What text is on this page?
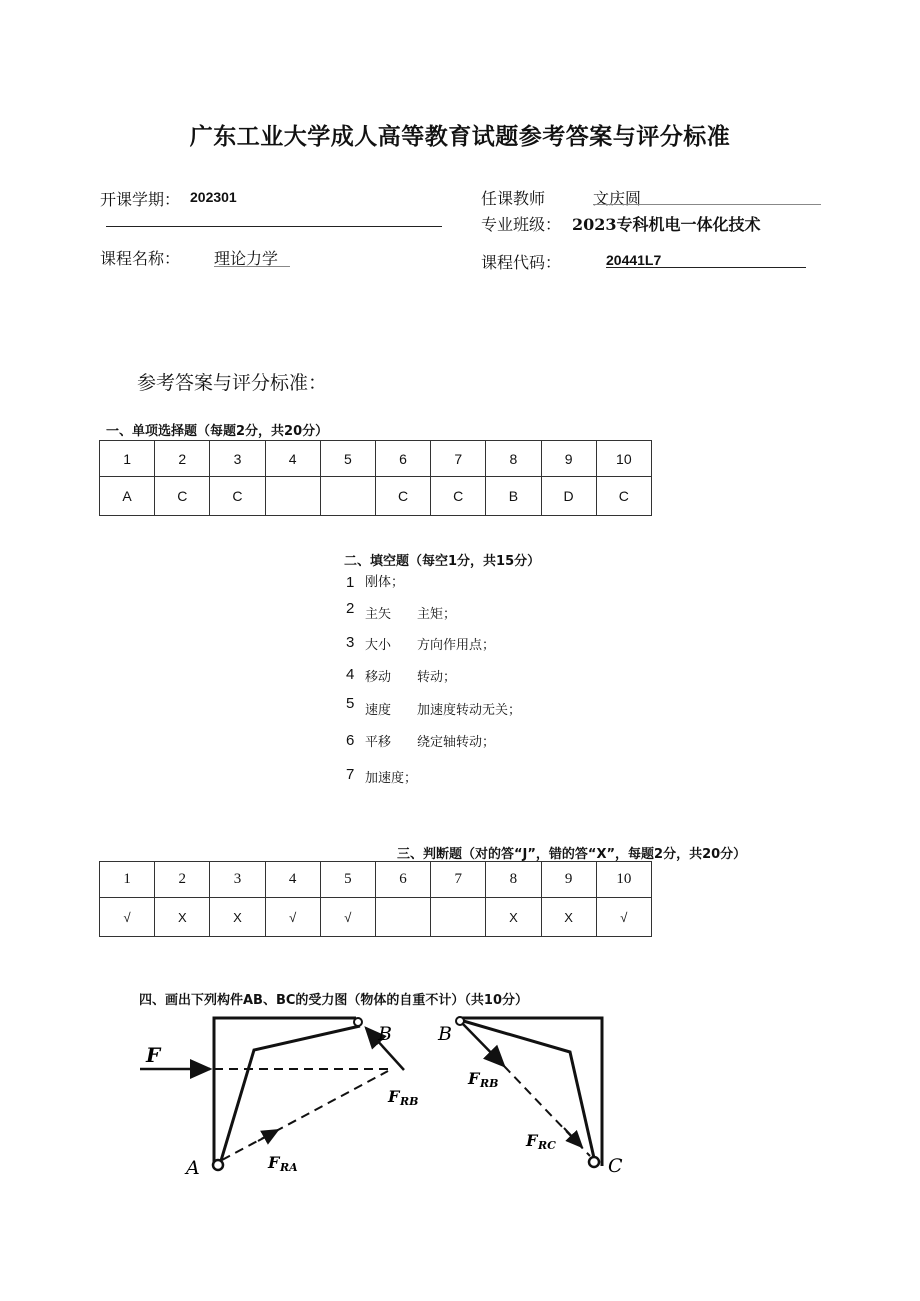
广东工业大学成人高等教育试题参考答案与评分标准
开课学期： 202301	任课教师	文庆圆
专业班级： 2023专科机电一体化技术
课程名称： 理论力学	课程代码：	20441L7
参考答案与评分标准：
一、单项选择题（每题2分，共20分）
1	2	3	4	5	6	7	8	9	10
A	C	C			C	C	B	D	C
二、填空题（每空1分，共15分）
1 刚体；
2 主矢　　主矩；
3 大小　　方向作用点；
4 移动　　转动；
5 速度　　加速度转动无关；
6 平移　　绕定轴转动；
7 加速度；
三、判断题（对的答“J”，错的答“X”，每题2分，共20分）
1	2	3	4	5	6	7	8	9	10
√	X	X	√	√			X	X	√
四、画出下列构件AB、BC的受力图（物体的自重不计）（共10分）
F
A
B
F RB
F RA
B
C
F RB
F RC
